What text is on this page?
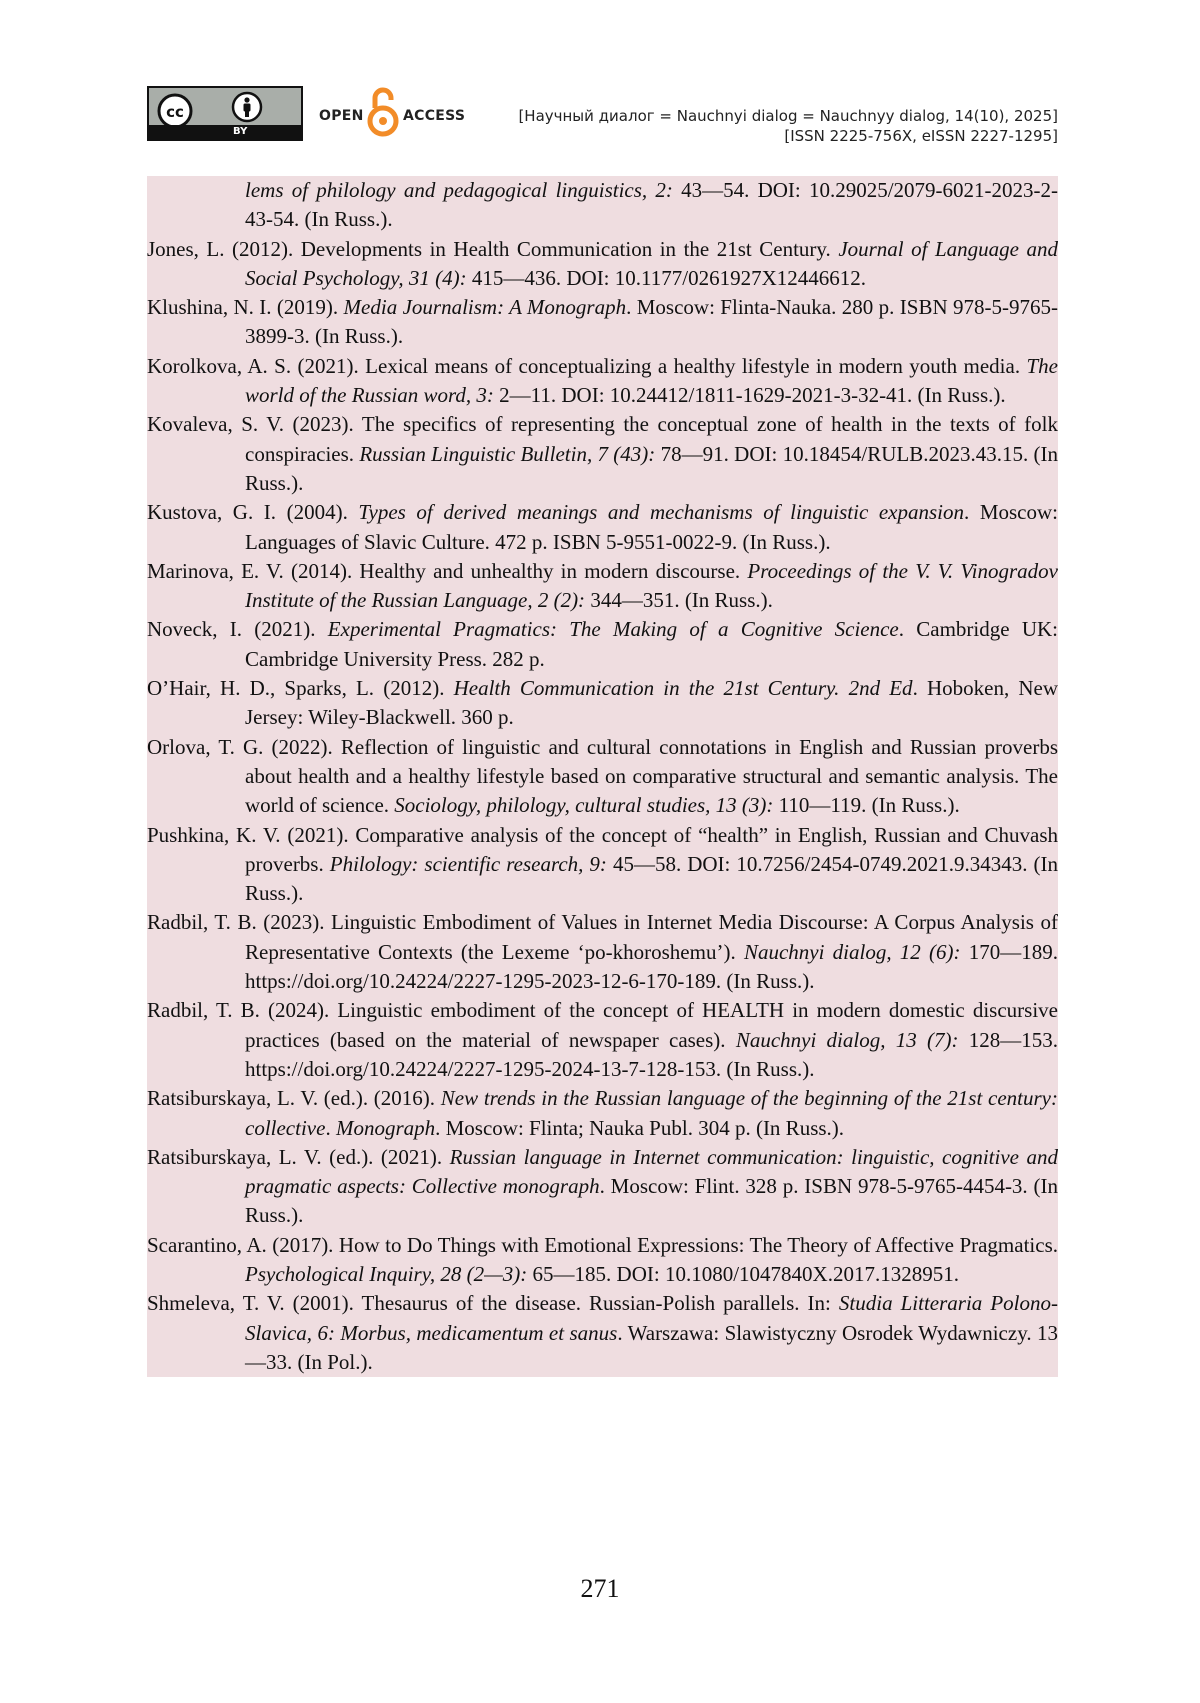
cc
BY
OPEN	ACCESS	[Научный диалог = Nauchnyi dialog = Nauchnyy dialog, 14(10), 2025]
[ISSN 2225-756X, eISSN 2227-1295]

lems of philology and pedagogical linguistics, 2: 43—54. DOI: 10.29025/2079-6021-2023-2-43-54. (In Russ.).

Jones, L. (2012). Developments in Health Communication in the 21st Century. Journal of Language and Social Psychology, 31 (4): 415—436. DOI: 10.1177/0261927X12446612.

Klushina, N. I. (2019). Media Journalism: A Monograph. Moscow: Flinta-Nauka. 280 p. ISBN 978-5-9765-3899-3. (In Russ.).

Korolkova, A. S. (2021). Lexical means of conceptualizing a healthy lifestyle in modern youth media. The world of the Russian word, 3: 2—11. DOI: 10.24412/1811-1629-2021-3-32-41. (In Russ.).

Kovaleva, S. V. (2023). The specifics of representing the conceptual zone of health in the texts of folk conspiracies. Russian Linguistic Bulletin, 7 (43): 78—91. DOI: 10.18454/RULB.2023.43.15. (In Russ.).

Kustova, G. I. (2004). Types of derived meanings and mechanisms of linguistic expansion. Moscow: Languages of Slavic Culture. 472 p. ISBN 5-9551-0022-9. (In Russ.).

Marinova, E. V. (2014). Healthy and unhealthy in modern discourse. Proceedings of the V. V. Vinogradov Institute of the Russian Language, 2 (2): 344—351. (In Russ.).

Noveck, I. (2021). Experimental Pragmatics: The Making of a Cognitive Science. Cambridge UK: Cambridge University Press. 282 p.

O’Hair, H. D., Sparks, L. (2012). Health Communication in the 21st Century. 2nd Ed. Hoboken, New Jersey: Wiley-Blackwell. 360 p.

Orlova, T. G. (2022). Reflection of linguistic and cultural connotations in English and Russian proverbs about health and a healthy lifestyle based on comparative structural and semantic analysis. The world of science. Sociology, philology, cultural studies, 13 (3): 110—119. (In Russ.).

Pushkina, K. V. (2021). Comparative analysis of the concept of “health” in English, Russian and Chuvash proverbs. Philology: scientific research, 9: 45—58. DOI: 10.7256/2454-0749.2021.9.34343. (In Russ.).

Radbil, T. B. (2023). Linguistic Embodiment of Values in Internet Media Discourse: A Corpus Analysis of Representative Contexts (the Lexeme ‘po-khoroshemu’). Nauchnyi dialog, 12 (6): 170—189. https://doi.org/10.24224/2227-1295-2023-12-6-170-189. (In Russ.).

Radbil, T. B. (2024). Linguistic embodiment of the concept of HEALTH in modern domestic discursive practices (based on the material of newspaper cases). Nauchnyi dialog, 13 (7): 128—153. https://doi.org/10.24224/2227-1295-2024-13-7-128-153. (In Russ.).

Ratsiburskaya, L. V. (ed.). (2016). New trends in the Russian language of the beginning of the 21st century: collective. Monograph. Moscow: Flinta; Nauka Publ. 304 p. (In Russ.).

Ratsiburskaya, L. V. (ed.). (2021). Russian language in Internet communication: linguistic, cognitive and pragmatic aspects: Collective monograph. Moscow: Flint. 328 p. ISBN 978-5-9765-4454-3. (In Russ.).

Scarantino, A. (2017). How to Do Things with Emotional Expressions: The Theory of Affective Pragmatics. Psychological Inquiry, 28 (2—3): 65—185. DOI: 10.1080/1047840X.2017.1328951.

Shmeleva, T. V. (2001). Thesaurus of the disease. Russian-Polish parallels. In: Studia Litteraria Polono-Slavica, 6: Morbus, medicamentum et sanus. Warszawa: Slawistyczny Osrodek Wydawniczy. 13—33. (In Pol.).

271
